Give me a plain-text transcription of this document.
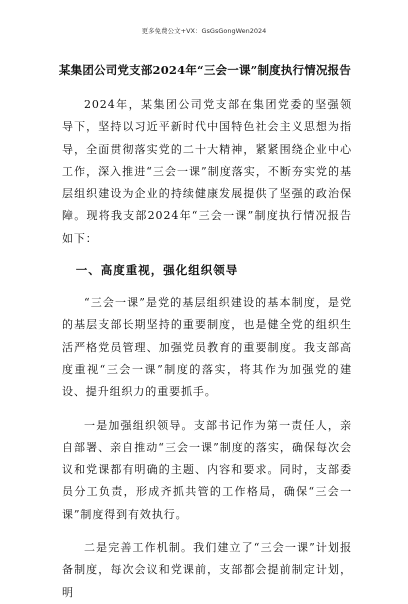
更多免费公文+VX：GsGsGongWen2024
某集团公司党支部2024年“三会一课”制度执行情况报告

2024年，某集团公司党支部在集团党委的坚强领导下，坚持以习近平新时代中国特色社会主义思想为指导，全面贯彻落实党的二十大精神，紧紧围绕企业中心工作，深入推进“三会一课”制度落实，不断夯实党的基层组织建设为企业的持续健康发展提供了坚强的政治保障。现将我支部2024年“三会一课”制度执行情况报告如下：

一、高度重视，强化组织领导

“三会一课”是党的基层组织建设的基本制度，是党的基层支部长期坚持的重要制度，也是健全党的组织生活严格党员管理、加强党员教育的重要制度。我支部高度重视“三会一课”制度的落实，将其作为加强党的建设、提升组织力的重要抓手。

一是加强组织领导。支部书记作为第一责任人，亲自部署、亲自推动“三会一课”制度的落实，确保每次会议和党课都有明确的主题、内容和要求。同时，支部委员分工负责，形成齐抓共管的工作格局，确保“三会一课”制度得到有效执行。

二是完善工作机制。我们建立了“三会一课”计划报备制度，每次会议和党课前，支部都会提前制定计划，明
